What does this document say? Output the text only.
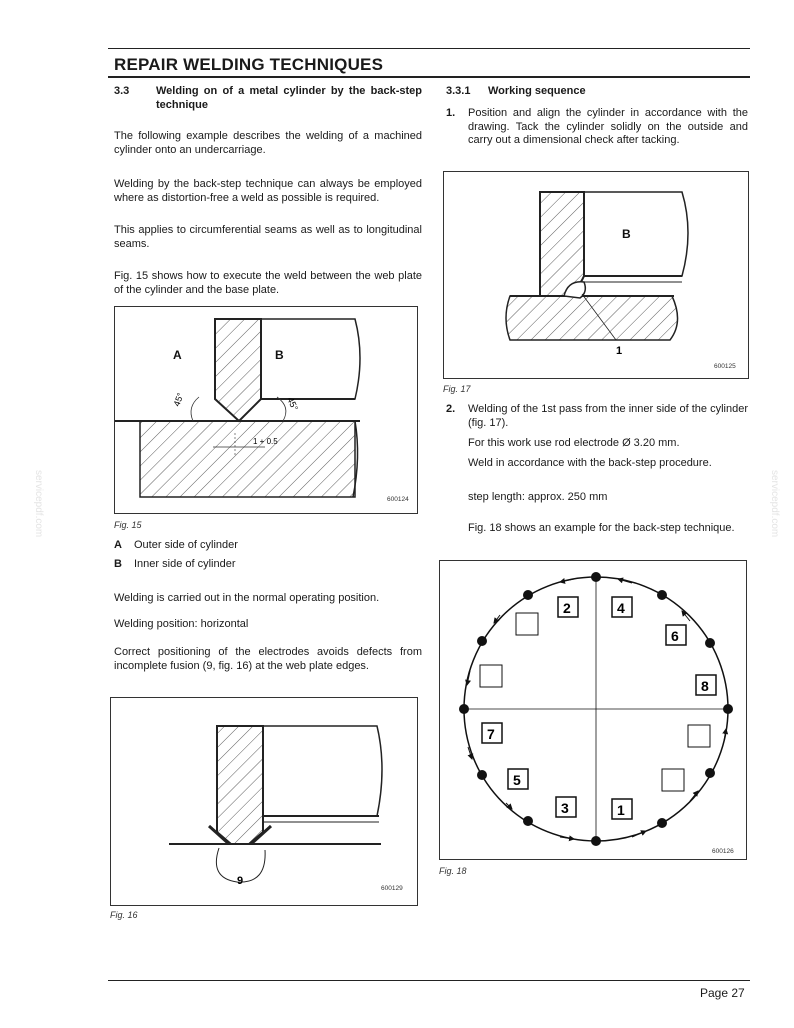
REPAIR WELDING TECHNIQUES
3.3 Welding on of a metal cylinder by the back-step technique

The following example describes the welding of a machined cylinder onto an undercarriage.

Welding by the back-step technique can always be employed where as distortion-free a weld as possible is required.

This applies to circumferential seams as well as to longitudinal seams.

Fig. 15 shows how to execute the weld between the web plate of the cylinder and the base plate.

A	B
45°	45°
1 + 0.5
600124
Fig. 15
A Outer side of cylinder
B Inner side of cylinder

Welding is carried out in the normal operating position.

Welding position: horizontal

Correct positioning of the electrodes avoids defects from incomplete fusion (9, fig. 16) at the web plate edges.

9
600129
Fig. 16
3.3.1 Working sequence
1. Position and align the cylinder in accordance with the drawing. Tack the cylinder solidly on the outside and carry out a dimensional check after tacking.

B
1
600125
Fig. 17
2. Welding of the 1st pass from the inner side of the cylinder (fig. 17).

For this work use rod electrode Ø 3.20 mm.

Weld in accordance with the back-step procedure.

step length: approx. 250 mm

Fig. 18 shows an example for the back-step technique.

2	4
6
8
7
5
3	1
600126
Fig. 18
Page 27
servicepdf.com	servicepdf.com
